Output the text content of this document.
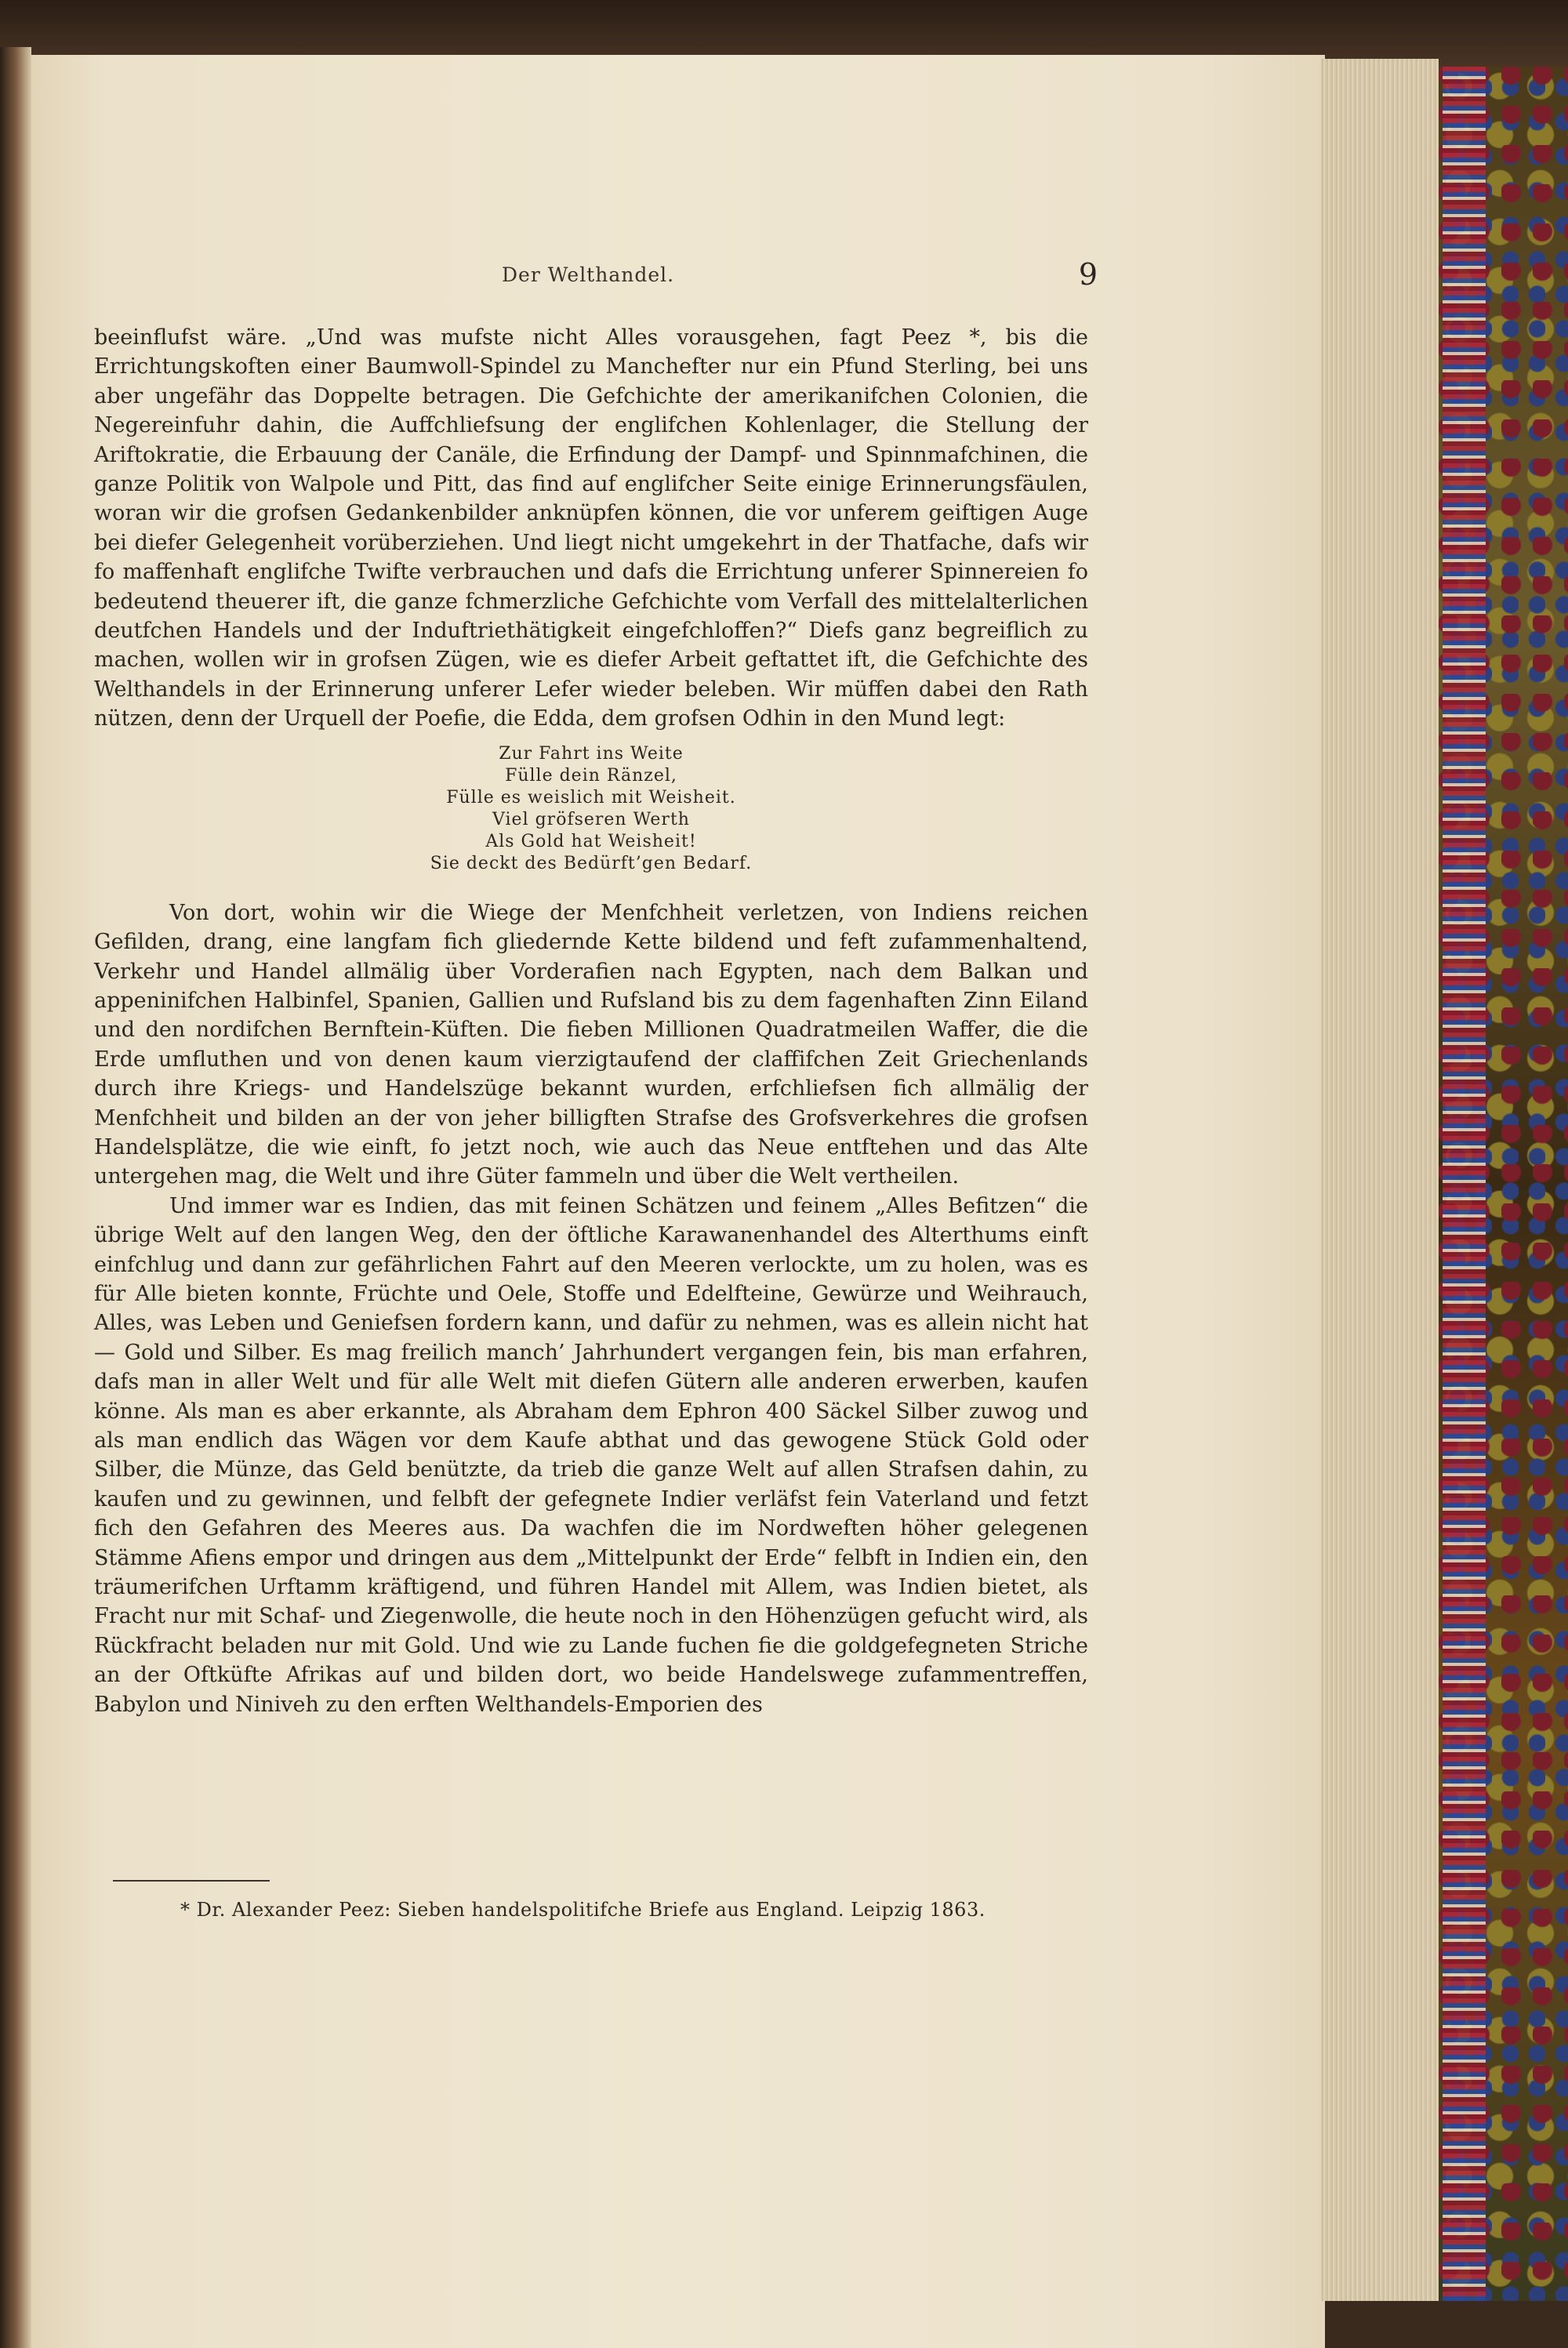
Der Welthandel.	9

beeinflufst wäre. „Und was mufste nicht Alles vorausgehen, fagt Peez *, bis die Errichtungskoften einer Baumwoll-Spindel zu Manchefter nur ein Pfund Sterling, bei uns aber ungefähr das Doppelte betragen. Die Gefchichte der amerikanifchen Colonien, die Negereinfuhr dahin, die Auffchliefsung der englifchen Kohlenlager, die Stellung der Ariftokratie, die Erbauung der Canäle, die Erfindung der Dampf- und Spinnmafchinen, die ganze Politik von Walpole und Pitt, das find auf englifcher Seite einige Erinnerungsfäulen, woran wir die grofsen Gedankenbilder anknüpfen können, die vor unferem geiftigen Auge bei diefer Gelegenheit vorüberziehen. Und liegt nicht umgekehrt in der Thatfache, dafs wir fo maffenhaft englifche Twifte verbrauchen und dafs die Errichtung unferer Spinnereien fo bedeutend theuerer ift, die ganze fchmerzliche Gefchichte vom Verfall des mittelalterlichen deutfchen Handels und der Induftriethätigkeit eingefchloffen?“ Diefs ganz begreiflich zu machen, wollen wir in grofsen Zügen, wie es diefer Arbeit geftattet ift, die Gefchichte des Welthandels in der Erinnerung unferer Lefer wieder beleben. Wir müffen dabei den Rath nützen, denn der Urquell der Poefie, die Edda, dem grofsen Odhin in den Mund legt:

Zur Fahrt ins Weite
Fülle dein Ränzel,
Fülle es weislich mit Weisheit.
Viel gröfseren Werth
Als Gold hat Weisheit!
Sie deckt des Bedürft’gen Bedarf.

Von dort, wohin wir die Wiege der Menfchheit verletzen, von Indiens reichen Gefilden, drang, eine langfam fich gliedernde Kette bildend und feft zufammenhaltend, Verkehr und Handel allmälig über Vorderafien nach Egypten, nach dem Balkan und appeninifchen Halbinfel, Spanien, Gallien und Rufsland bis zu dem fagenhaften Zinn Eiland und den nordifchen Bernftein-Küften. Die fieben Millionen Quadratmeilen Waffer, die die Erde umfluthen und von denen kaum vierzigtaufend der claffifchen Zeit Griechenlands durch ihre Kriegs- und Handelszüge bekannt wurden, erfchliefsen fich allmälig der Menfchheit und bilden an der von jeher billigften Strafse des Grofsverkehres die grofsen Handelsplätze, die wie einft, fo jetzt noch, wie auch das Neue entftehen und das Alte untergehen mag, die Welt und ihre Güter fammeln und über die Welt vertheilen.

Und immer war es Indien, das mit feinen Schätzen und feinem „Alles Befitzen“ die übrige Welt auf den langen Weg, den der öftliche Karawanenhandel des Alterthums einft einfchlug und dann zur gefährlichen Fahrt auf den Meeren verlockte, um zu holen, was es für Alle bieten konnte, Früchte und Oele, Stoffe und Edelfteine, Gewürze und Weihrauch, Alles, was Leben und Geniefsen fordern kann, und dafür zu nehmen, was es allein nicht hat — Gold und Silber. Es mag freilich manch’ Jahrhundert vergangen fein, bis man erfahren, dafs man in aller Welt und für alle Welt mit diefen Gütern alle anderen erwerben, kaufen könne. Als man es aber erkannte, als Abraham dem Ephron 400 Säckel Silber zuwog und als man endlich das Wägen vor dem Kaufe abthat und das gewogene Stück Gold oder Silber, die Münze, das Geld benützte, da trieb die ganze Welt auf allen Strafsen dahin, zu kaufen und zu gewinnen, und felbft der gefegnete Indier verläfst fein Vaterland und fetzt fich den Gefahren des Meeres aus. Da wachfen die im Nordweften höher gelegenen Stämme Afiens empor und dringen aus dem „Mittelpunkt der Erde“ felbft in Indien ein, den träumerifchen Urftamm kräftigend, und führen Handel mit Allem, was Indien bietet, als Fracht nur mit Schaf- und Ziegenwolle, die heute noch in den Höhenzügen gefucht wird, als Rückfracht beladen nur mit Gold. Und wie zu Lande fuchen fie die goldgefegneten Striche an der Oftküfte Afrikas auf und bilden dort, wo beide Handelswege zufammentreffen, Babylon und Niniveh zu den erften Welthandels-Emporien des

* Dr. Alexander Peez: Sieben handelspolitifche Briefe aus England. Leipzig 1863.
